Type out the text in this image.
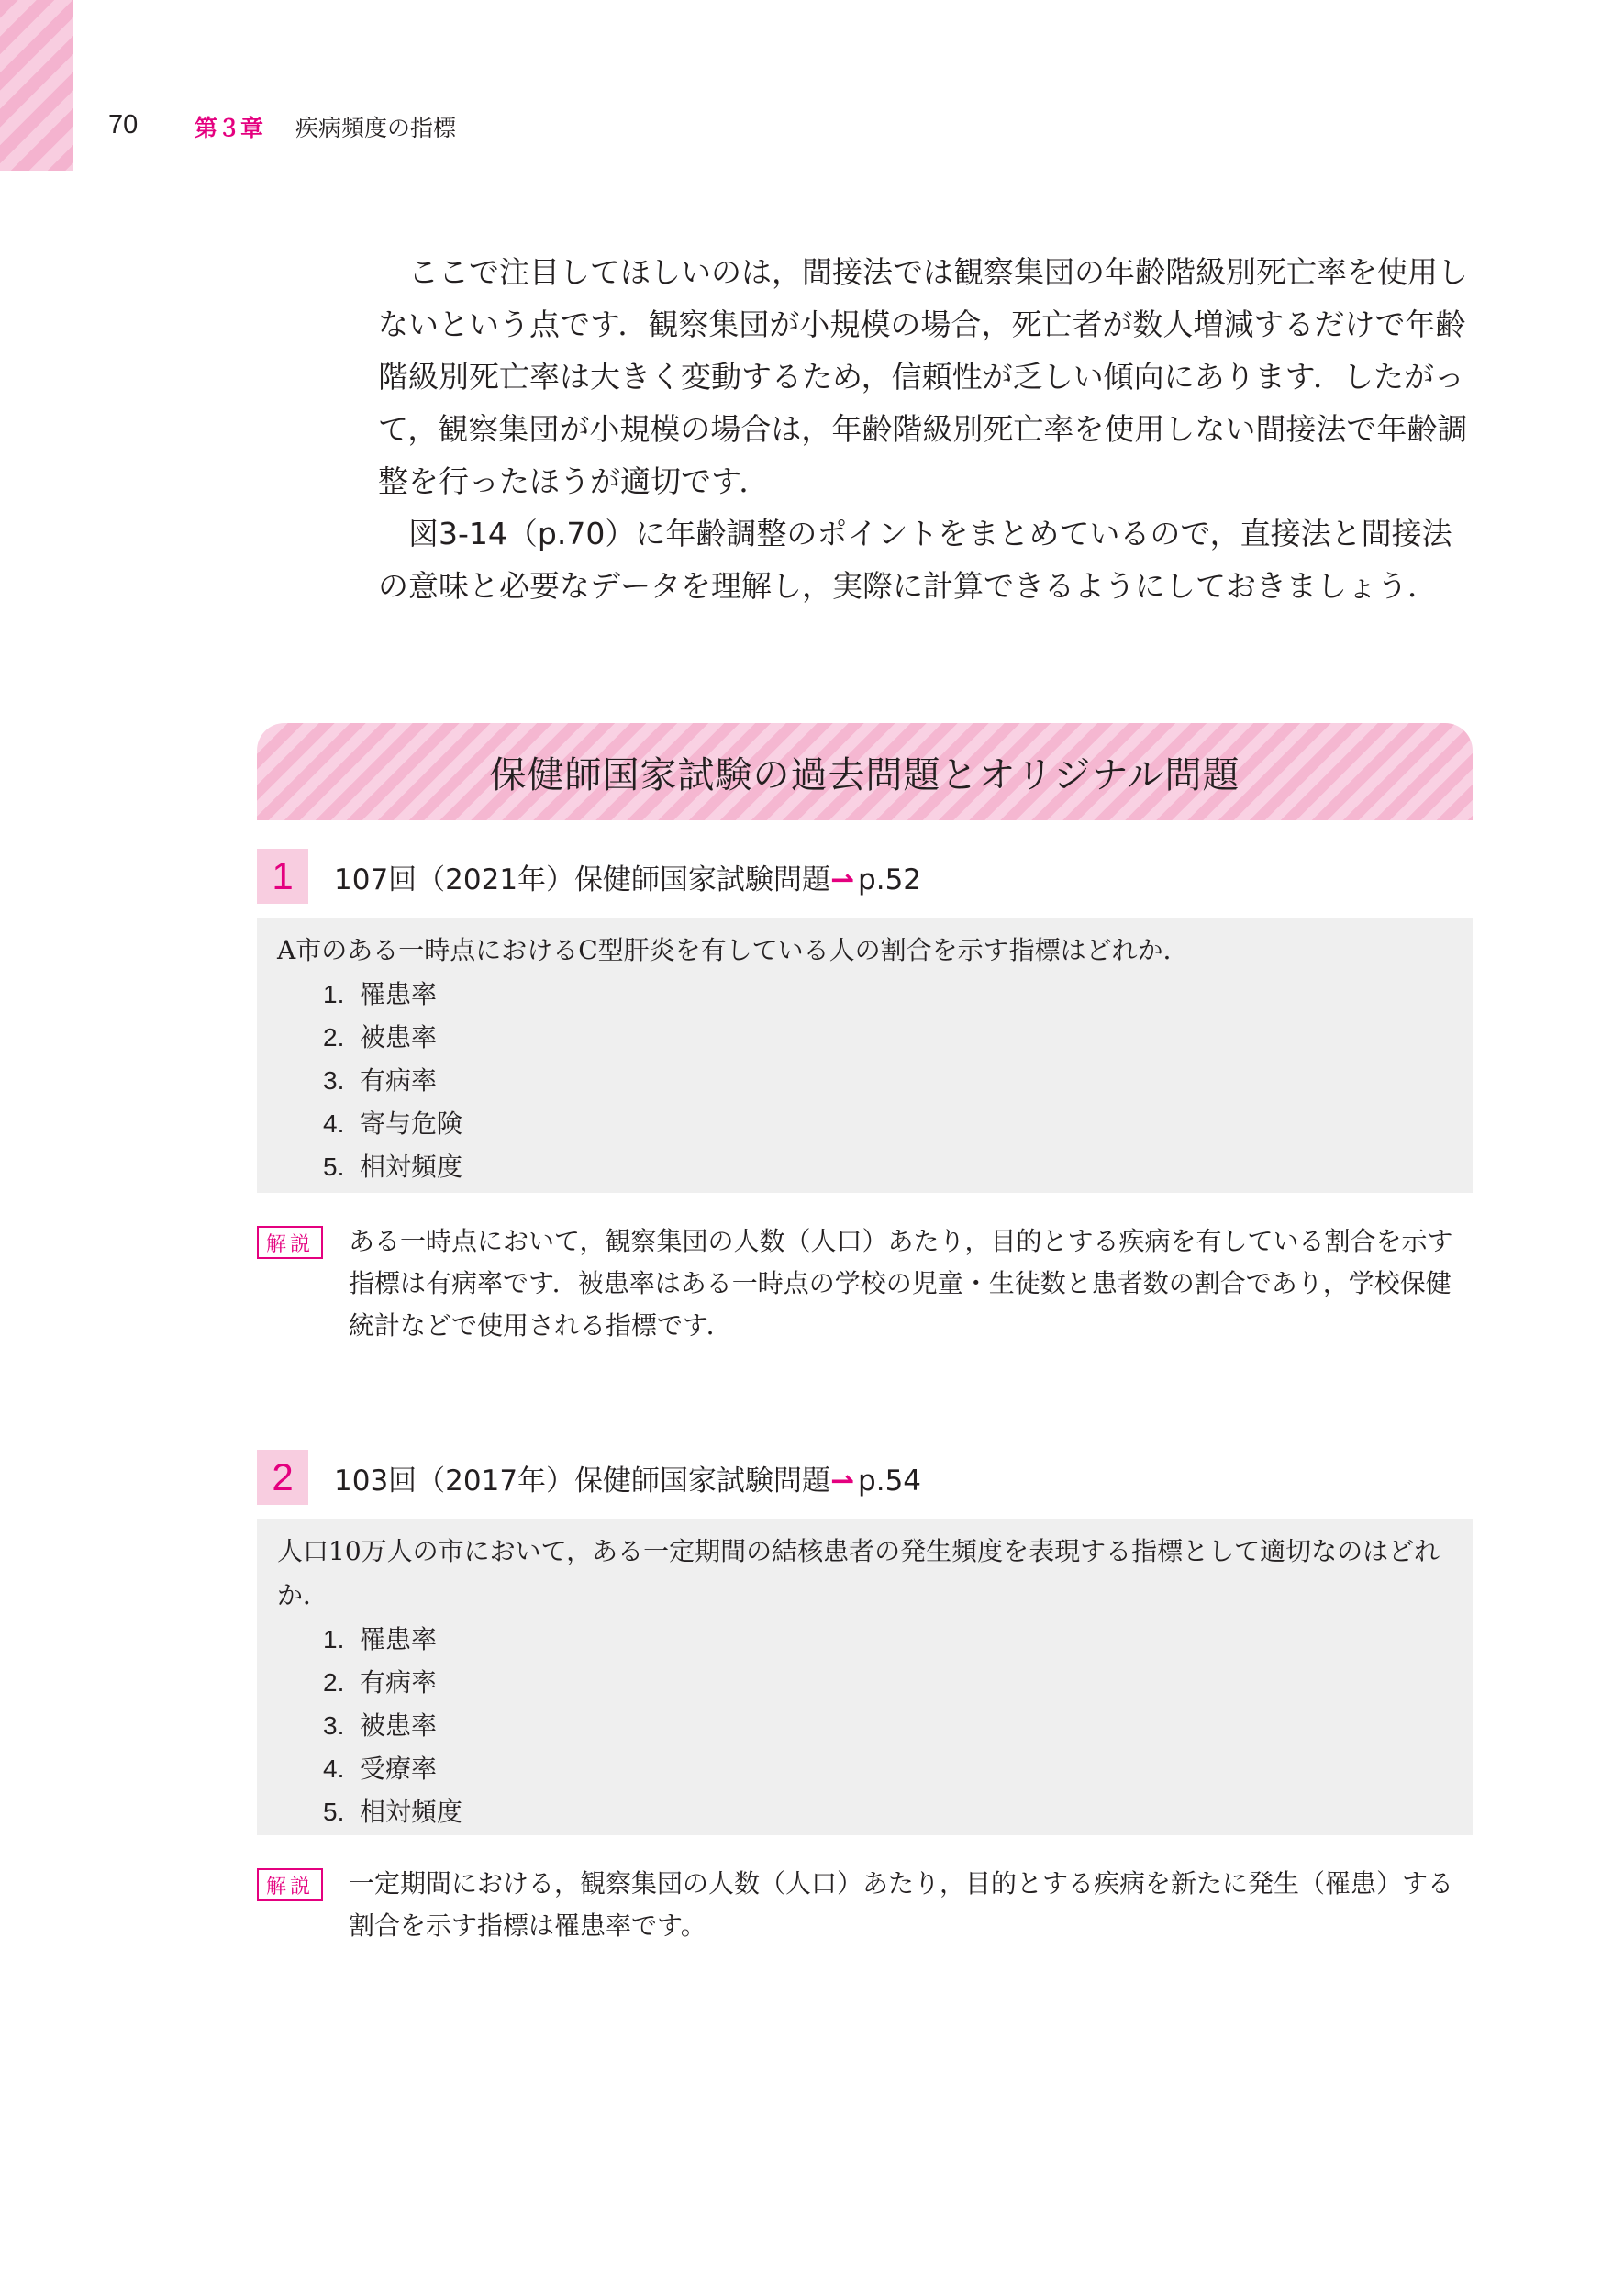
70 第３章 疾病頻度の指標

ここで注目してほしいのは，間接法では観察集団の年齢階級別死亡率を使用しないという点です．観察集団が小規模の場合，死亡者が数人増減するだけで年齢階級別死亡率は大きく変動するため，信頼性が乏しい傾向にあります．したがって，観察集団が小規模の場合は，年齢階級別死亡率を使用しない間接法で年齢調整を行ったほうが適切です．

図3-14（p.70）に年齢調整のポイントをまとめているので，直接法と間接法の意味と必要なデータを理解し，実際に計算できるようにしておきましょう．

保健師国家試験の過去問題とオリジナル問題
1	107回（2021年）保健師国家試験問題⇀ p.52

A市のある一時点におけるC型肝炎を有している人の割合を示す指標はどれか．

1. 罹患率
2. 被患率
3. 有病率
4. 寄与危険
5. 相対頻度
解説	ある一時点において，観察集団の人数（人口）あたり，目的とする疾病を有している割合を示す指標は有病率です．被患率はある一時点の学校の児童・生徒数と患者数の割合であり，学校保健統計などで使用される指標です．
2	103回（2017年）保健師国家試験問題⇀ p.54

人口10万人の市において，ある一定期間の結核患者の発生頻度を表現する指標として適切なのはどれか．

1. 罹患率
2. 有病率
3. 被患率
4. 受療率
5. 相対頻度
解説	一定期間における，観察集団の人数（人口）あたり，目的とする疾病を新たに発生（罹患）する割合を示す指標は罹患率です。
